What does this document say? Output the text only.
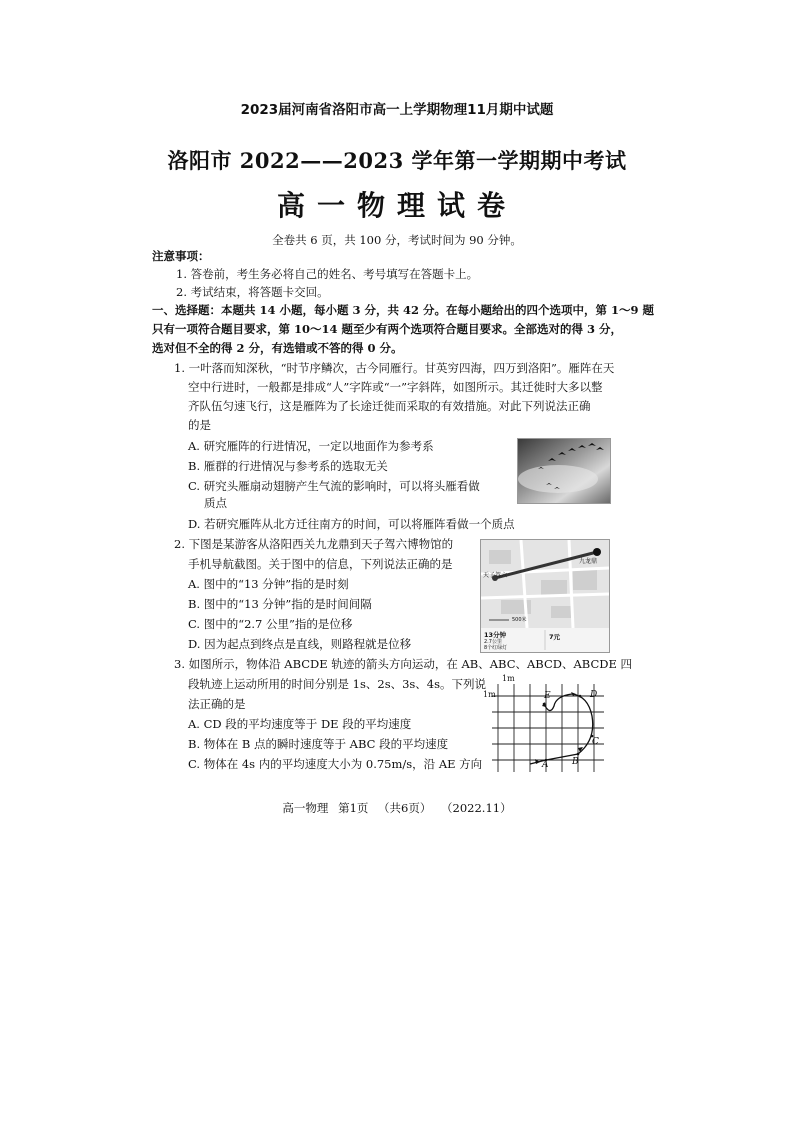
2023届河南省洛阳市高一上学期物理11月期中试题
洛阳市 2022——2023 学年第一学期期中考试
高一物理试卷
全卷共 6 页，共 100 分，考试时间为 90 分钟。
注意事项：
1. 答卷前，考生务必将自己的姓名、考号填写在答题卡上。
2. 考试结束，将答题卡交回。
一、选择题：本题共 14 小题，每小题 3 分，共 42 分。在每小题给出的四个选项中，第 1～9 题
只有一项符合题目要求，第 10～14 题至少有两个选项符合题目要求。全部选对的得 3 分，
选对但不全的得 2 分，有选错或不答的得 0 分。
1. 一叶落而知深秋，“时节序鳞次，古今同雁行。甘英穷四海，四万到洛阳”。雁阵在天
空中行进时，一般都是排成“人”字阵或“一”字斜阵，如图所示。其迁徙时大多以整
齐队伍匀速飞行，这是雁阵为了长途迁徙而采取的有效措施。对此下列说法正确
的是
A. 研究雁阵的行进情况，一定以地面作为参考系
B. 雁群的行进情况与参考系的选取无关
C. 研究头雁扇动翅膀产生气流的影响时，可以将头雁看做
质点
D. 若研究雁阵从北方迁往南方的时间，可以将雁阵看做一个质点
2. 下图是某游客从洛阳西关九龙鼎到天子驾六博物馆的
手机导航截图。关于图中的信息，下列说法正确的是
A. 图中的“13 分钟”指的是时刻
B. 图中的“13 分钟”指的是时间间隔
C. 图中的“2.7 公里”指的是位移
D. 因为起点到终点是直线，则路程就是位移
天子驾六
九龙鼎
500米
13分钟
2.7公里
8个红绿灯
7元
3. 如图所示，物体沿 ABCDE 轨迹的箭头方向运动，在 AB、ABC、ABCD、ABCDE 四
段轨迹上运动所用的时间分别是 1s、2s、3s、4s。下列说
法正确的是
A. CD 段的平均速度等于 DE 段的平均速度
B. 物体在 B 点的瞬时速度等于 ABC 段的平均速度
C. 物体在 4s 内的平均速度大小为 0.75m/s，沿 AE 方向
1m
1m
A	B
C
D
E
高一物理 第1页 （共6页） （2022.11）
